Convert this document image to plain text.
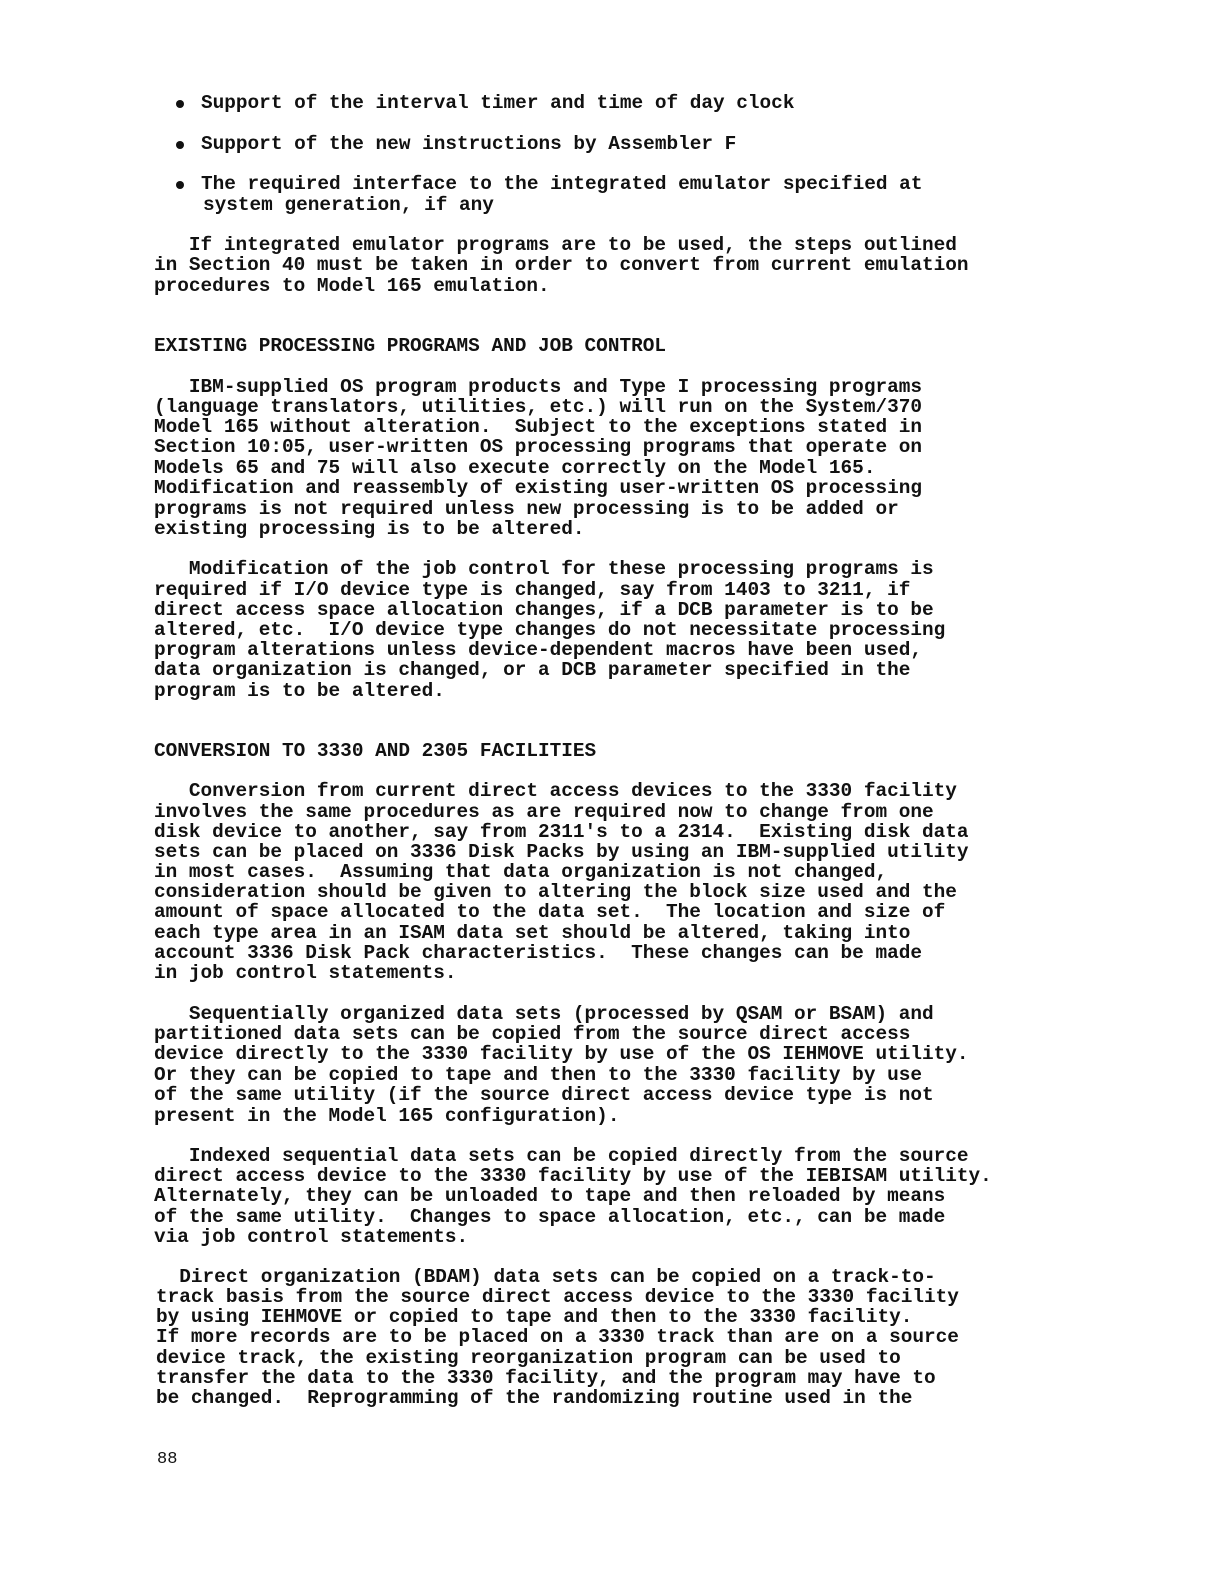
Support of the interval timer and time of day clock
Support of the new instructions by Assembler F
The required interface to the integrated emulator specified at
system generation, if any
If integrated emulator programs are to be used, the steps outlined
in Section 40 must be taken in order to convert from current emulation
procedures to Model 165 emulation.
EXISTING PROCESSING PROGRAMS AND JOB CONTROL
IBM-supplied OS program products and Type I processing programs
(language translators, utilities, etc.) will run on the System/370
Model 165 without alteration.  Subject to the exceptions stated in
Section 10:05, user-written OS processing programs that operate on
Models 65 and 75 will also execute correctly on the Model 165.
Modification and reassembly of existing user-written OS processing
programs is not required unless new processing is to be added or
existing processing is to be altered.
Modification of the job control for these processing programs is
required if I/O device type is changed, say from 1403 to 3211, if
direct access space allocation changes, if a DCB parameter is to be
altered, etc.  I/O device type changes do not necessitate processing
program alterations unless device-dependent macros have been used,
data organization is changed, or a DCB parameter specified in the
program is to be altered.
CONVERSION TO 3330 AND 2305 FACILITIES
Conversion from current direct access devices to the 3330 facility
involves the same procedures as are required now to change from one
disk device to another, say from 2311's to a 2314.  Existing disk data
sets can be placed on 3336 Disk Packs by using an IBM-supplied utility
in most cases.  Assuming that data organization is not changed,
consideration should be given to altering the block size used and the
amount of space allocated to the data set.  The location and size of
each type area in an ISAM data set should be altered, taking into
account 3336 Disk Pack characteristics.  These changes can be made
in job control statements.
Sequentially organized data sets (processed by QSAM or BSAM) and
partitioned data sets can be copied from the source direct access
device directly to the 3330 facility by use of the OS IEHMOVE utility.
Or they can be copied to tape and then to the 3330 facility by use
of the same utility (if the source direct access device type is not
present in the Model 165 configuration).
Indexed sequential data sets can be copied directly from the source
direct access device to the 3330 facility by use of the IEBISAM utility.
Alternately, they can be unloaded to tape and then reloaded by means
of the same utility.  Changes to space allocation, etc., can be made
via job control statements.
Direct organization (BDAM) data sets can be copied on a track-to-
track basis from the source direct access device to the 3330 facility
by using IEHMOVE or copied to tape and then to the 3330 facility.
If more records are to be placed on a 3330 track than are on a source
device track, the existing reorganization program can be used to
transfer the data to the 3330 facility, and the program may have to
be changed.  Reprogramming of the randomizing routine used in the
88
